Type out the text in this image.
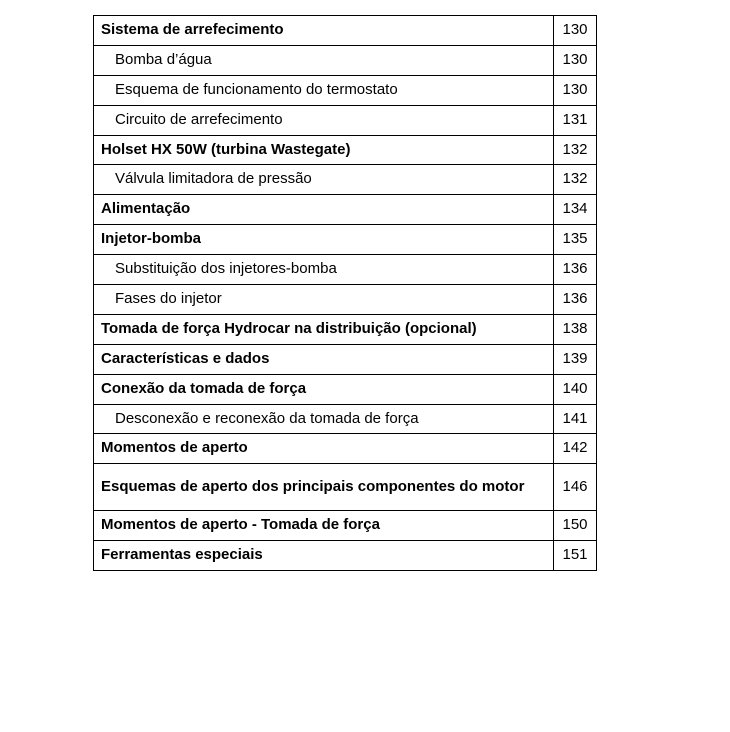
Sistema de arrefecimento	130
Bomba d’água	130
Esquema de funcionamento do termostato	130
Circuito de arrefecimento	131
Holset HX 50W (turbina Wastegate)	132
Válvula limitadora de pressão	132
Alimentação	134
Injetor-bomba	135
Substituição dos injetores-bomba	136
Fases do injetor	136
Tomada de força Hydrocar na distribuição (opcional)	138
Características e dados	139
Conexão da tomada de força	140
Desconexão e reconexão da tomada de força	141
Momentos de aperto	142
Esquemas de aperto dos principais componentes do motor	146
Momentos de aperto - Tomada de força	150
Ferramentas especiais	151
